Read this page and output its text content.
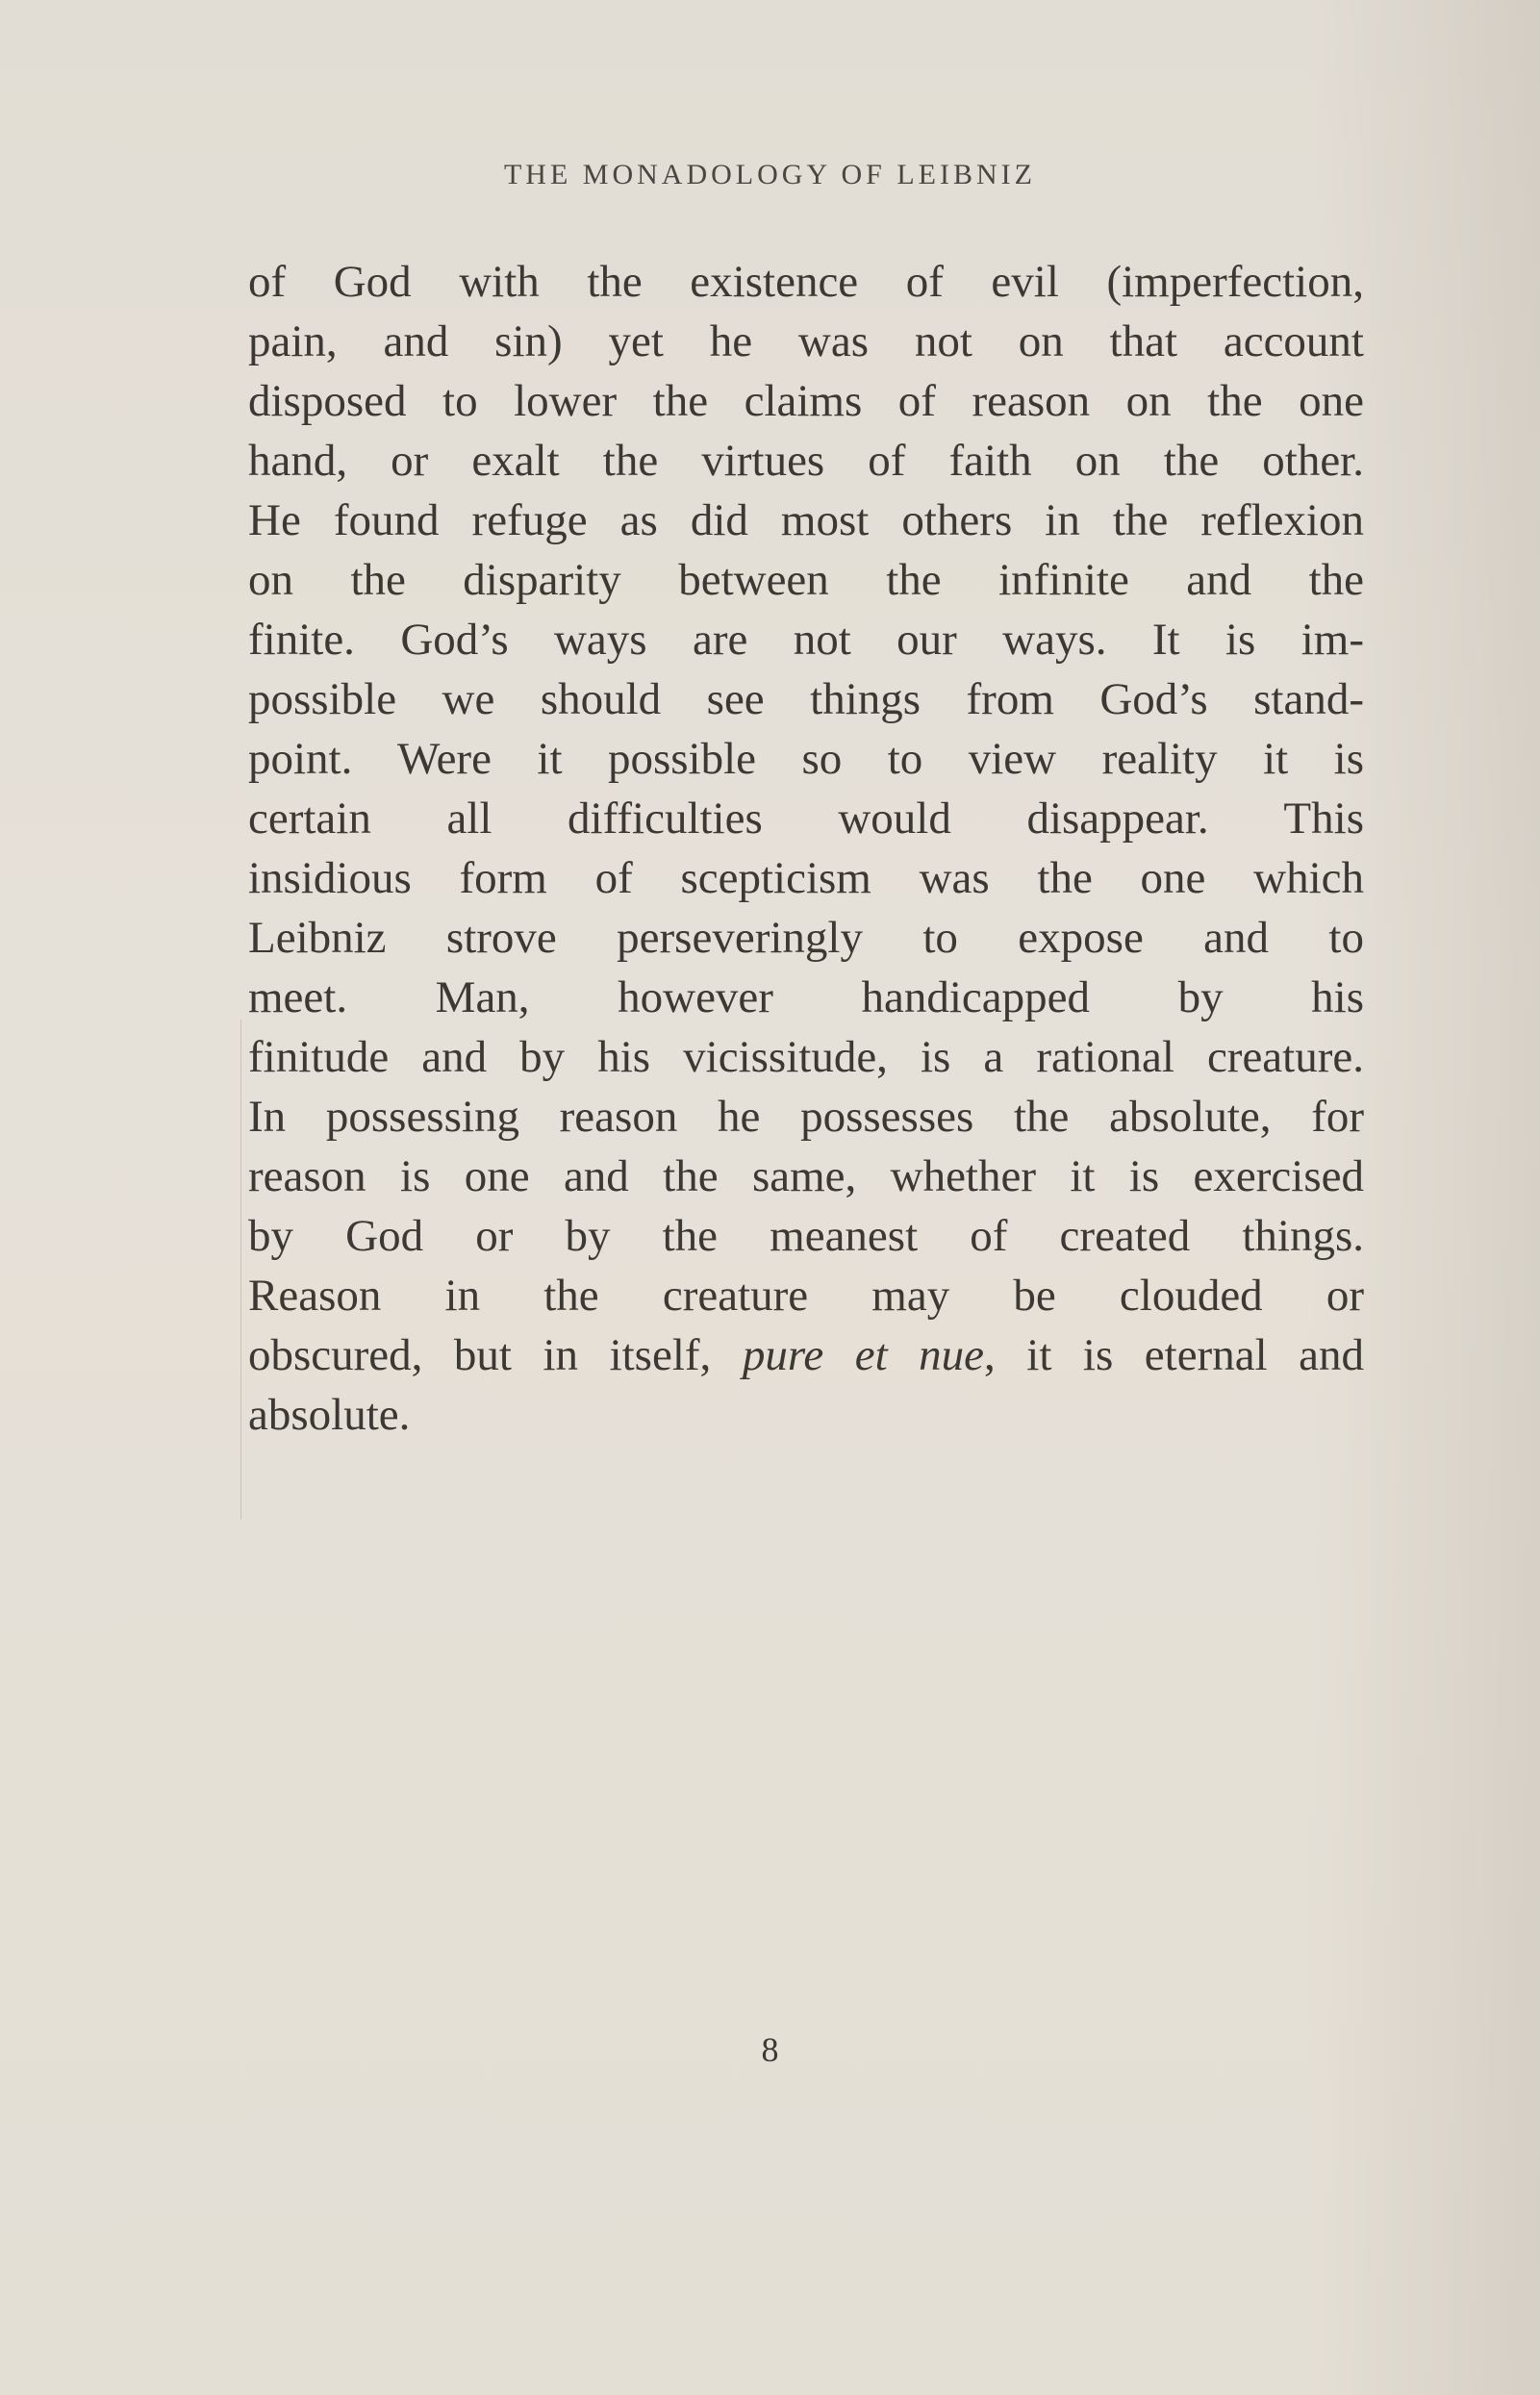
THE MONADOLOGY OF LEIBNIZ
of God with the existence of evil (imperfection,
pain, and sin) yet he was not on that account
disposed to lower the claims of reason on the one
hand, or exalt the virtues of faith on the other.
He found refuge as did most others in the reflexion
on the disparity between the infinite and the
finite. God’s ways are not our ways. It is im-
possible we should see things from God’s stand-
point. Were it possible so to view reality it is
certain all difficulties would disappear. This
insidious form of scepticism was the one which
Leibniz strove perseveringly to expose and to
meet. Man, however handicapped by his
finitude and by his vicissitude, is a rational creature.
In possessing reason he possesses the absolute, for
reason is one and the same, whether it is exercised
by God or by the meanest of created things.
Reason in the creature may be clouded or
obscured, but in itself, pure et nue, it is eternal and
absolute.
8
